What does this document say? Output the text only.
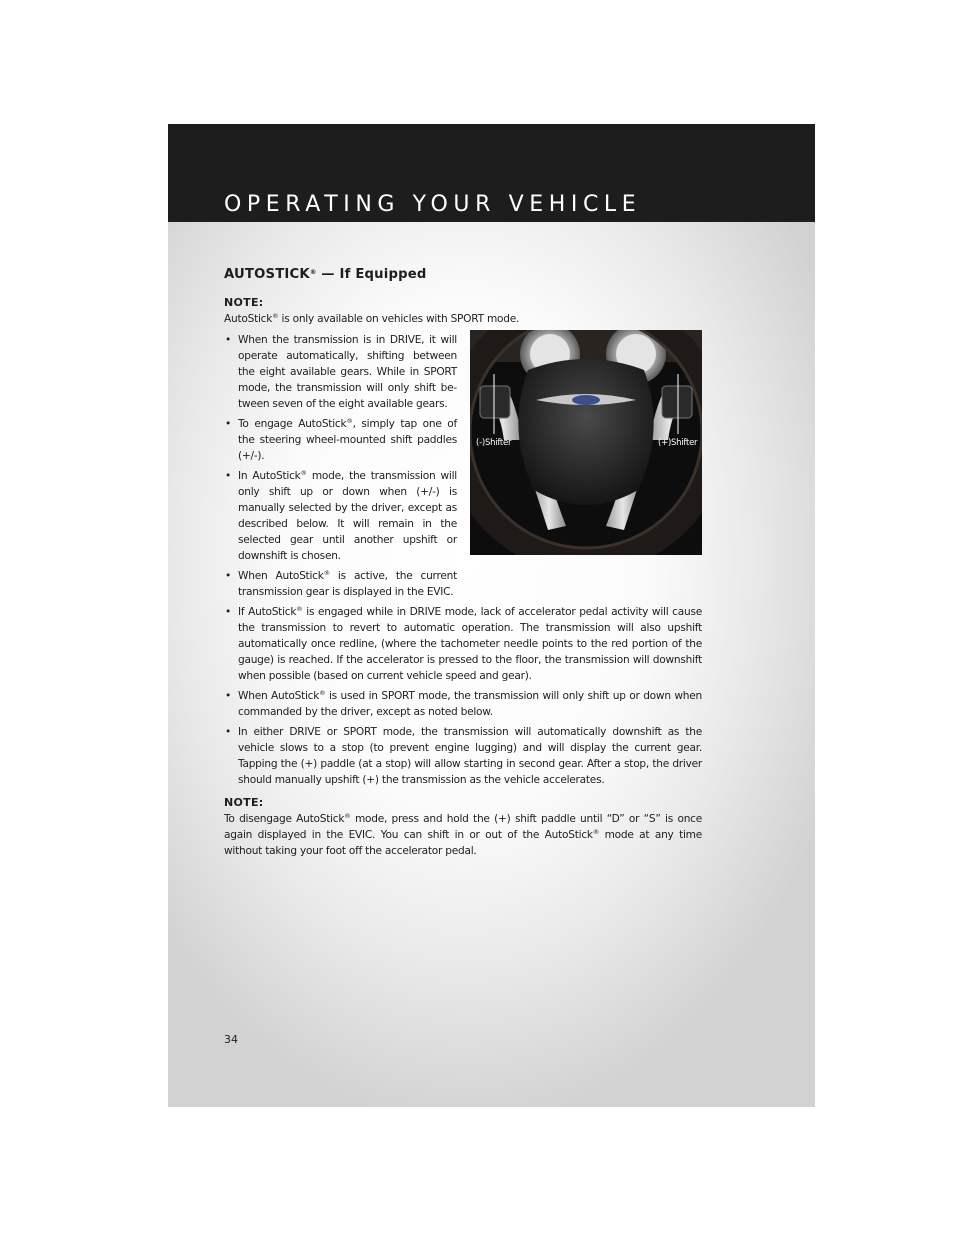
OPERATING YOUR VEHICLE
AUTOSTICK® — If Equipped
NOTE:

AutoStick® is only available on vehicles with SPORT mode.

• When the transmission is in DRIVE, it will operate automatically, shifting between the eight available gears. While in SPORT mode, the transmission will only shift be-tween seven of the eight available gears.
• To engage AutoStick®, simply tap one of the steering wheel-mounted shift paddles (+/-).
• In AutoStick® mode, the transmission will only shift up or down when (+/-) is manually selected by the driver, except as described below. It will remain in the selected gear until another upshift or downshift is chosen.
• When AutoStick® is active, the current transmission gear is displayed in the EVIC.
• If AutoStick® is engaged while in DRIVE mode, lack of accelerator pedal activity will cause the transmission to revert to automatic operation. The transmission will also upshift automatically once redline, (where the tachometer needle points to the red portion of the gauge) is reached. If the accelerator is pressed to the floor, the transmission will downshift when possible (based on current vehicle speed and gear).
• When AutoStick® is used in SPORT mode, the transmission will only shift up or down when commanded by the driver, except as noted below.
• In either DRIVE or SPORT mode, the transmission will automatically downshift as the vehicle slows to a stop (to prevent engine lugging) and will display the current gear. Tapping the (+) paddle (at a stop) will allow starting in second gear. After a stop, the driver should manually upshift (+) the transmission as the vehicle accelerates.
NOTE:

To disengage AutoStick® mode, press and hold the (+) shift paddle until “D” or “S” is once again displayed in the EVIC. You can shift in or out of the AutoStick® mode at any time without taking your foot off the accelerator pedal.

(-)Shifter	(+)Shifter
34
